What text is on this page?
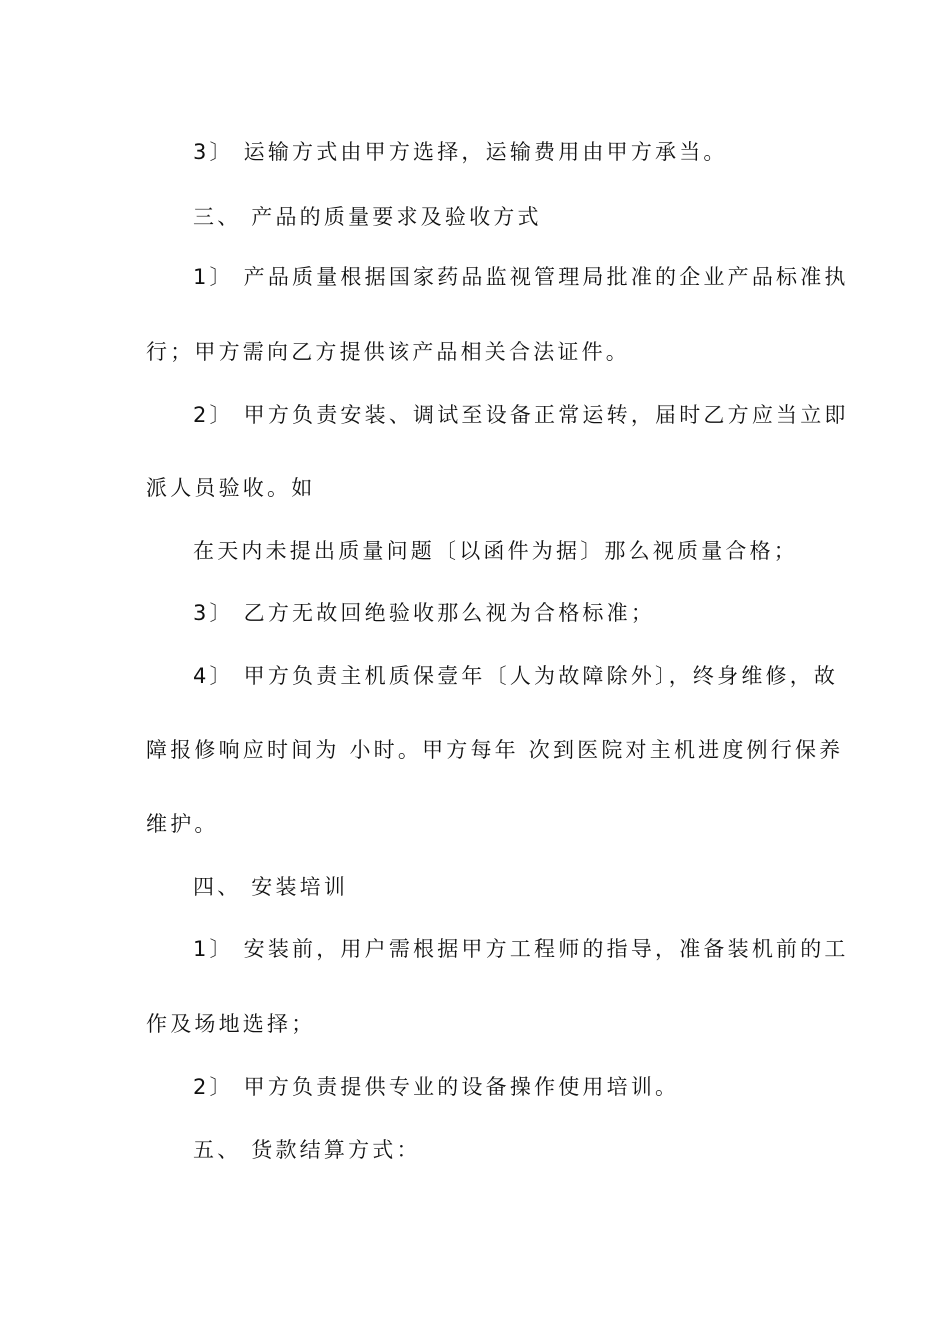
3〕 运输方式由甲方选择，运输费用由甲方承当。
三、 产品的质量要求及验收方式
1〕 产品质量根据国家药品监视管理局批准的企业产品标准执
行；甲方需向乙方提供该产品相关合法证件。
2〕 甲方负责安装、调试至设备正常运转，届时乙方应当立即
派人员验收。如
在天内未提出质量问题〔以函件为据〕那么视质量合格；
3〕 乙方无故回绝验收那么视为合格标准；
4〕 甲方负责主机质保壹年〔人为故障除外〕，终身维修，故
障报修响应时间为 小时。甲方每年 次到医院对主机进度例行保养
维护。
四、 安装培训
1〕 安装前，用户需根据甲方工程师的指导，准备装机前的工
作及场地选择；
2〕 甲方负责提供专业的设备操作使用培训。
五、 货款结算方式：
